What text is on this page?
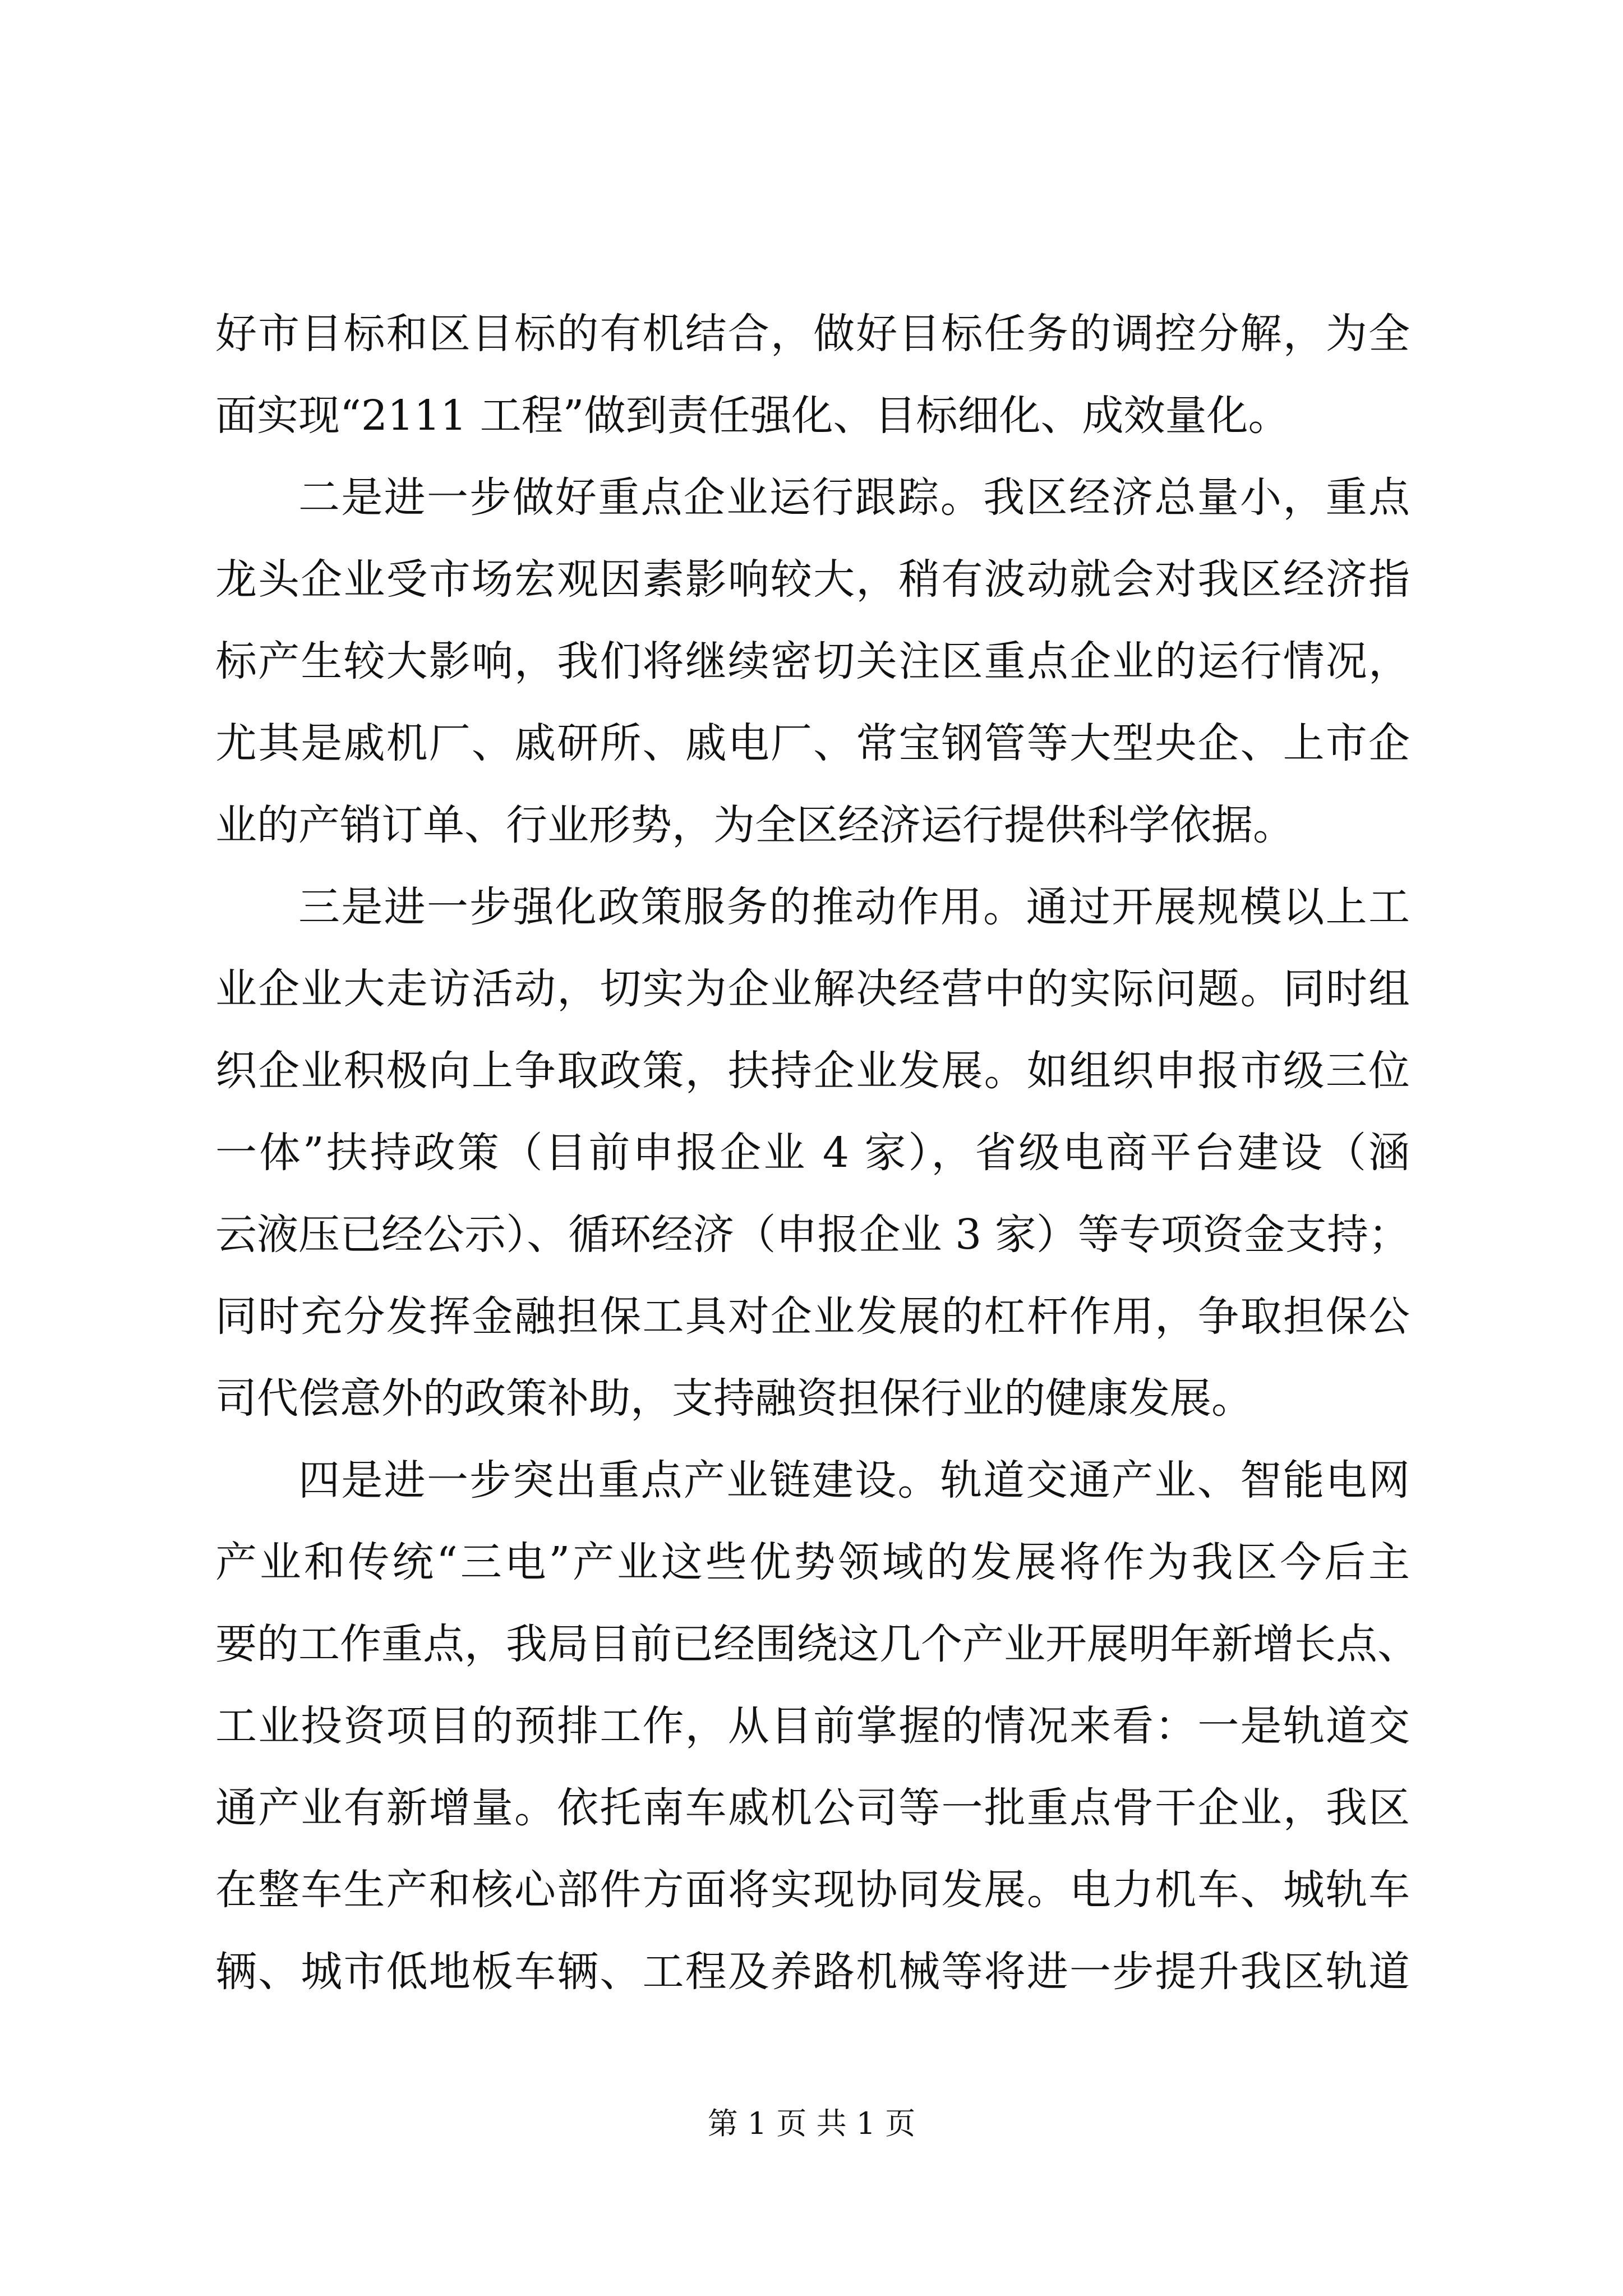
好市目标和区目标的有机结合，做好目标任务的调控分解，为全
面实现“2111 工程”做到责任强化、目标细化、成效量化。
二是进一步做好重点企业运行跟踪。我区经济总量小，重点
龙头企业受市场宏观因素影响较大，稍有波动就会对我区经济指
标产生较大影响，我们将继续密切关注区重点企业的运行情况，
尤其是戚机厂、戚研所、戚电厂、常宝钢管等大型央企、上市企
业的产销订单、行业形势，为全区经济运行提供科学依据。
三是进一步强化政策服务的推动作用。通过开展规模以上工
业企业大走访活动，切实为企业解决经营中的实际问题。同时组
织企业积极向上争取政策，扶持企业发展。如组织申报市级三位
一体”扶持政策（目前申报企业 4 家），省级电商平台建设（涵
云液压已经公示）、循环经济（申报企业 3 家）等专项资金支持；
同时充分发挥金融担保工具对企业发展的杠杆作用，争取担保公
司代偿意外的政策补助，支持融资担保行业的健康发展。
四是进一步突出重点产业链建设。轨道交通产业、智能电网
产业和传统“三电”产业这些优势领域的发展将作为我区今后主
要的工作重点，我局目前已经围绕这几个产业开展明年新增长点、
工业投资项目的预排工作，从目前掌握的情况来看：一是轨道交
通产业有新增量。依托南车戚机公司等一批重点骨干企业，我区
在整车生产和核心部件方面将实现协同发展。电力机车、城轨车
辆、城市低地板车辆、工程及养路机械等将进一步提升我区轨道
第 1 页 共 1 页
